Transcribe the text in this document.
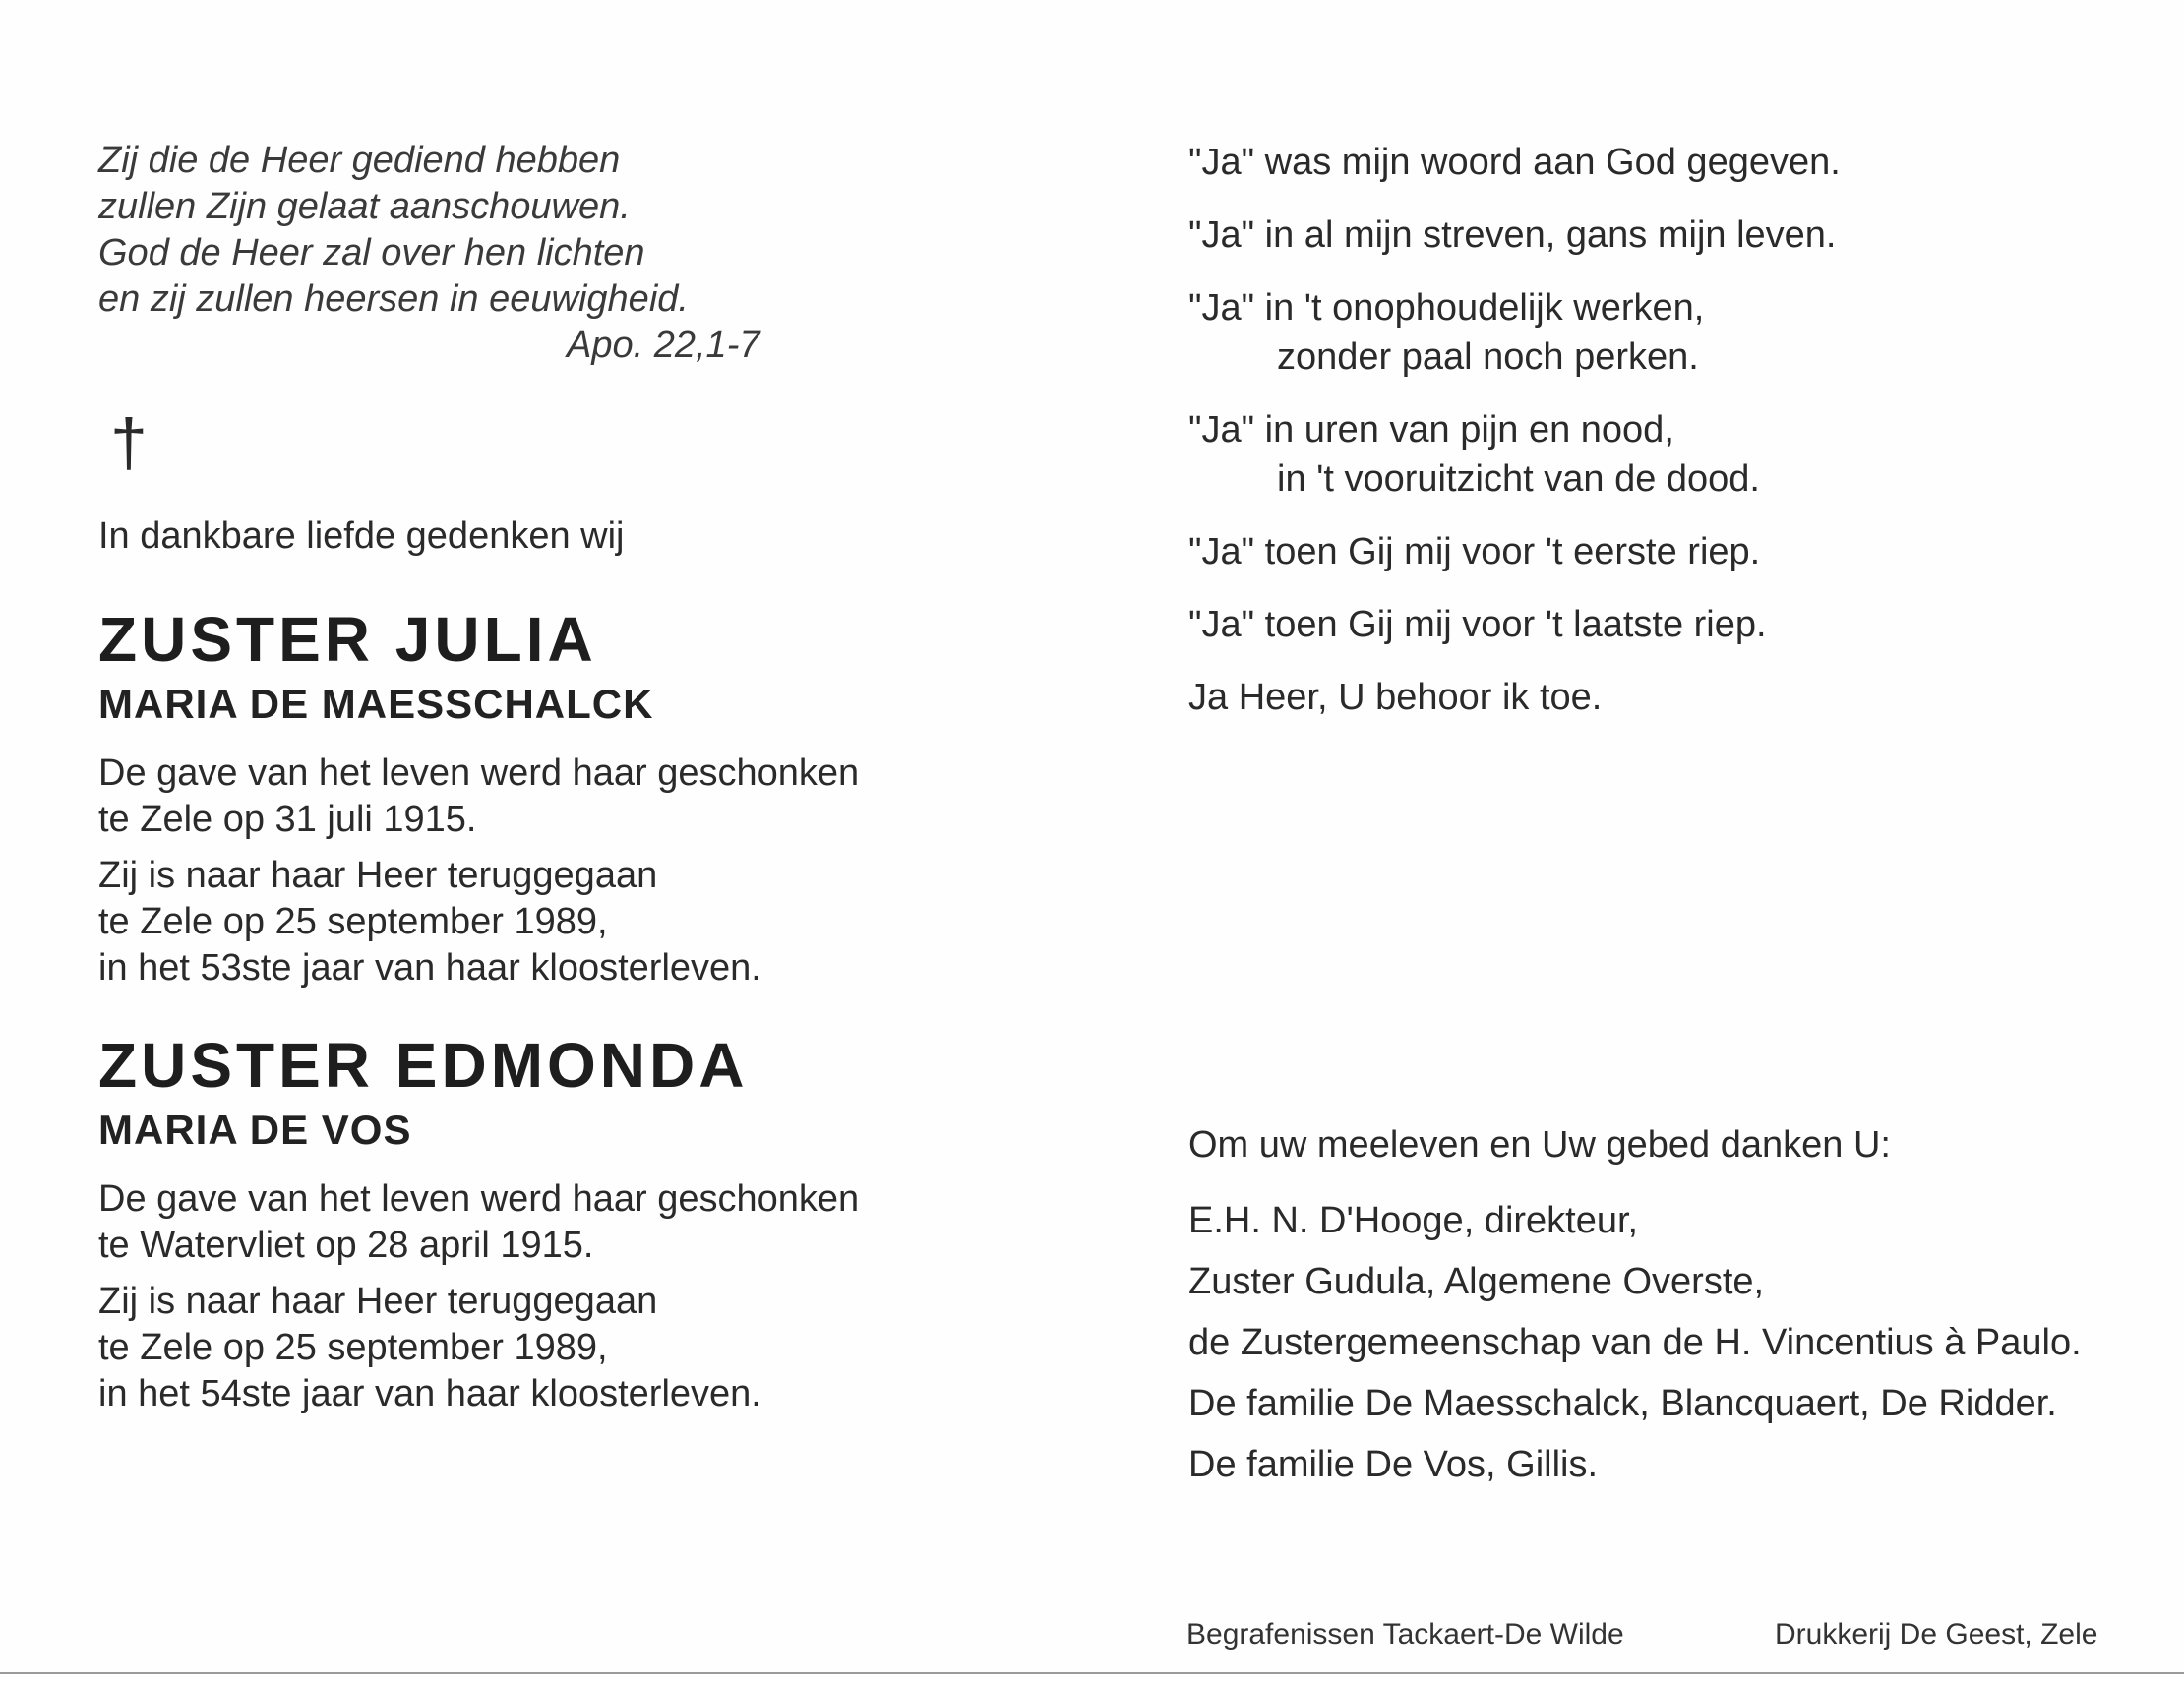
Zij die de Heer gediend hebben
zullen Zijn gelaat aanschouwen.
God de Heer zal over hen lichten
en zij zullen heersen in eeuwigheid.
Apo. 22,1-7
†
In dankbare liefde gedenken wij
ZUSTER JULIA
MARIA DE MAESSCHALCK
De gave van het leven werd haar geschonken
te Zele op 31 juli 1915.
Zij is naar haar Heer teruggegaan
te Zele op 25 september 1989,
in het 53ste jaar van haar kloosterleven.
ZUSTER EDMONDA
MARIA DE VOS
De gave van het leven werd haar geschonken
te Watervliet op 28 april 1915.
Zij is naar haar Heer teruggegaan
te Zele op 25 september 1989,
in het 54ste jaar van haar kloosterleven.
"Ja" was mijn woord aan God gegeven.
"Ja" in al mijn streven, gans mijn leven.
"Ja" in 't onophoudelijk werken,
zonder paal noch perken.
"Ja" in uren van pijn en nood,
in 't vooruitzicht van de dood.
"Ja" toen Gij mij voor 't eerste riep.
"Ja" toen Gij mij voor 't laatste riep.
Ja Heer, U behoor ik toe.
Om uw meeleven en Uw gebed danken U:
E.H. N. D'Hooge, direkteur,
Zuster Gudula, Algemene Overste,
de Zustergemeenschap van de H. Vincentius à Paulo.
De familie De Maesschalck, Blancquaert, De Ridder.
De familie De Vos, Gillis.
Begrafenissen Tackaert-De Wilde	Drukkerij De Geest, Zele
